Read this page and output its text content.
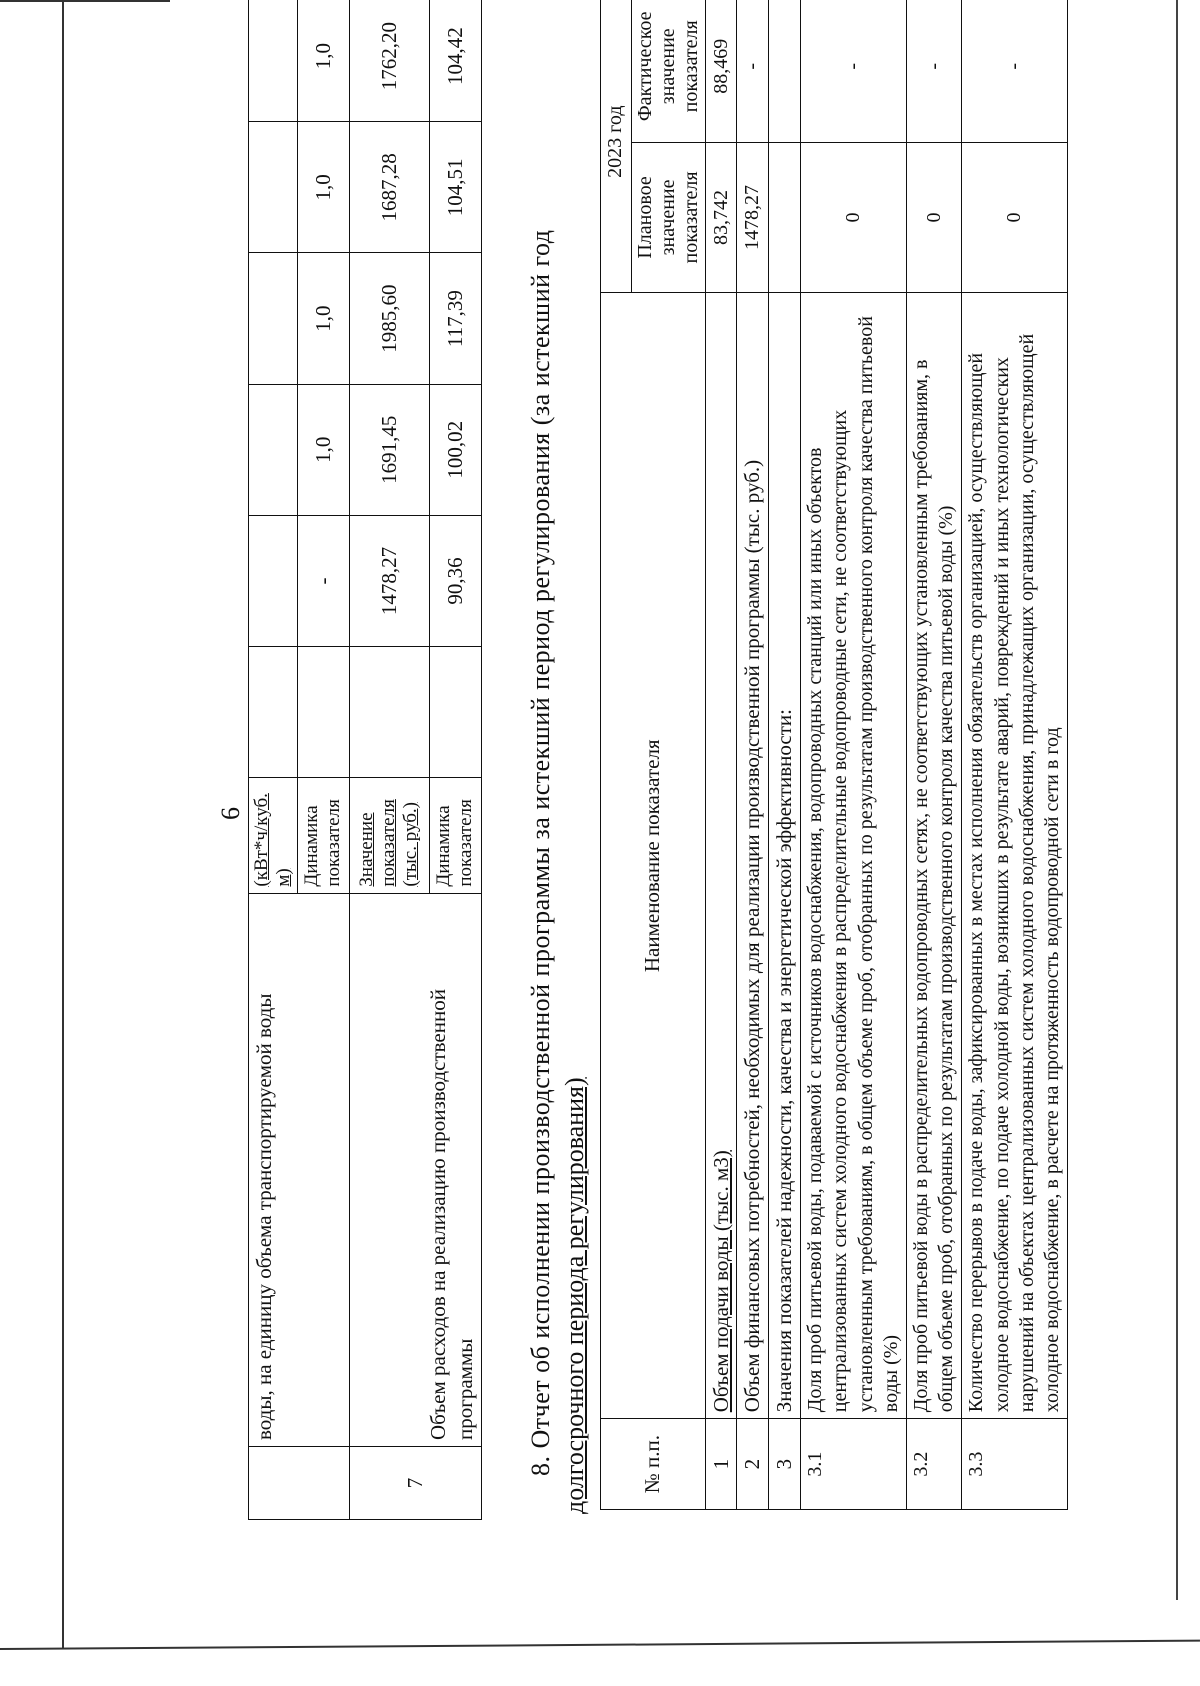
6
	воды, на единицу объема транспортируемой воды	(кВт*ч/куб. м)						
		Динамика показателя		-	1,0	1,0	1,0	1,0
7	Объем расходов на реализацию производственной программы	Значение показателя (тыс. руб.)		1478,27	1691,45	1985,60	1687,28	1762,20
		Динамика показателя		90,36	100,02	117,39	104,51	104,42
8. Отчет об исполнении производственной программы за истекший период регулирования (за истекший год долгосрочного периода регулирования) № п.п.	Наименование показателя	2023 год	
		Плановое значение показателя	Фактическое значение показателя
1	Объем подачи воды (тыс. м3)	83,742	88,469
2	Объем финансовых потребностей, необходимых для реализации производственной программы (тыс. руб.)	1478,27	-
3	Значения показателей надежности, качества и энергетической эффективности:		
3.1	Доля проб питьевой воды, подаваемой с источников водоснабжения, водопроводных станций или иных объектов централизованных систем холодного водоснабжения в распределительные водопроводные сети, не соответствующих установленным требованиям, в общем объеме проб, отобранных по результатам производственного контроля качества питьевой воды (%)	0	-
3.2	Доля проб питьевой воды в распределительных водопроводных сетях, не соответствующих установленным требованиям, в общем объеме проб, отобранных по результатам производственного контроля качества питьевой воды (%)	0	-
3.3	Количество перерывов в подаче воды, зафиксированных в местах исполнения обязательств организацией, осуществляющей холодное водоснабжение, по подаче холодной воды, возникших в результате аварий, повреждений и иных технологических нарушений на объектах централизованных систем холодного водоснабжения, принадлежащих организации, осуществляющей холодное водоснабжение, в расчете на протяженность водопроводной сети в год	0	-
